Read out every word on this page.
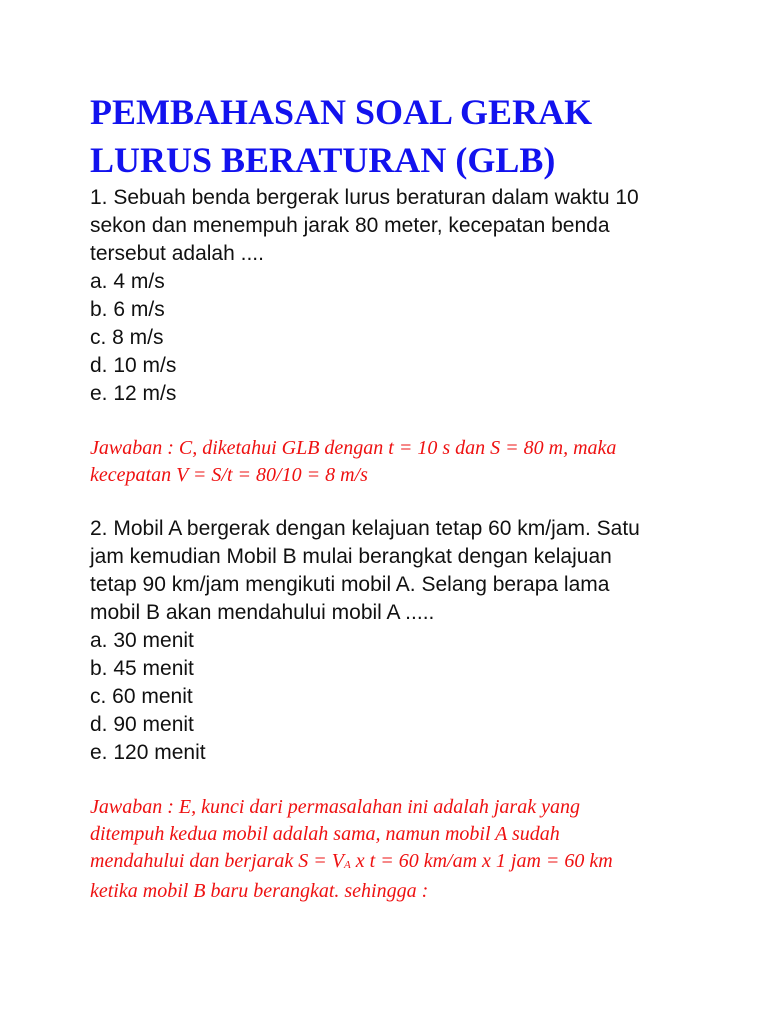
PEMBAHASAN SOAL GERAK
LURUS BERATURAN (GLB)

1. Sebuah benda bergerak lurus beraturan dalam waktu 10
sekon dan menempuh jarak 80 meter, kecepatan benda
tersebut adalah ....

a. 4 m/s
b. 6 m/s
c. 8 m/s
d. 10 m/s
e. 12 m/s

Jawaban : C, diketahui GLB dengan t = 10 s dan S = 80 m, maka
kecepatan V = S/t = 80/10 = 8 m/s

2. Mobil A bergerak dengan kelajuan tetap 60 km/jam. Satu
jam kemudian Mobil B mulai berangkat dengan kelajuan
tetap 90 km/jam mengikuti mobil A. Selang berapa lama
mobil B akan mendahului mobil A .....

a. 30 menit
b. 45 menit
c. 60 menit
d. 90 menit
e. 120 menit

Jawaban : E, kunci dari permasalahan ini adalah jarak yang
ditempuh kedua mobil adalah sama, namun mobil A sudah
mendahului dan berjarak $S = V_A$ x t = 60 km/am x 1 jam = 60 km
ketika mobil B baru berangkat. sehingga :
